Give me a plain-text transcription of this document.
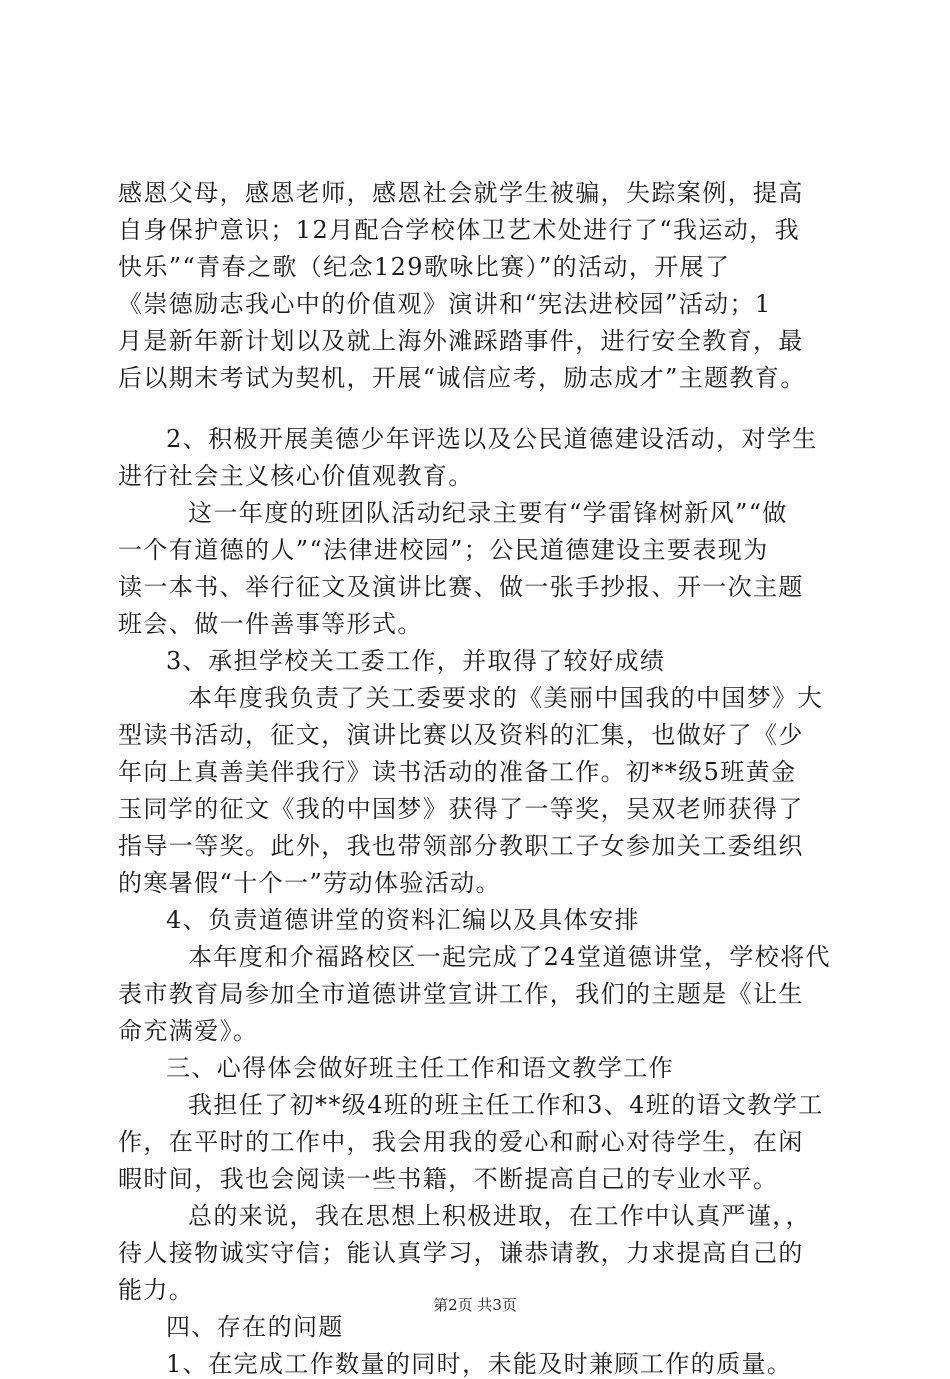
感恩父母，感恩老师，感恩社会就学生被骗，失踪案例，提高
自身保护意识；12月配合学校体卫艺术处进行了“我运动，我
快乐”“青春之歌（纪念129歌咏比赛）”的活动，开展了
《崇德励志我心中的价值观》演讲和“宪法进校园”活动；1
月是新年新计划以及就上海外滩踩踏事件，进行安全教育，最
后以期末考试为契机，开展“诚信应考，励志成才”主题教育。
2、积极开展美德少年评选以及公民道德建设活动，对学生
进行社会主义核心价值观教育。
这一年度的班团队活动纪录主要有“学雷锋树新风”“做
一个有道德的人”“法律进校园”；公民道德建设主要表现为
读一本书、举行征文及演讲比赛、做一张手抄报、开一次主题
班会、做一件善事等形式。
3、承担学校关工委工作，并取得了较好成绩
本年度我负责了关工委要求的《美丽中国我的中国梦》大
型读书活动，征文，演讲比赛以及资料的汇集，也做好了《少
年向上真善美伴我行》读书活动的准备工作。初**级5班黄金
玉同学的征文《我的中国梦》获得了一等奖，吴双老师获得了
指导一等奖。此外，我也带领部分教职工子女参加关工委组织
的寒暑假“十个一”劳动体验活动。
4、负责道德讲堂的资料汇编以及具体安排
本年度和介福路校区一起完成了24堂道德讲堂，学校将代
表市教育局参加全市道德讲堂宣讲工作，我们的主题是《让生
命充满爱》。
三、心得体会做好班主任工作和语文教学工作
我担任了初**级4班的班主任工作和3、4班的语文教学工
作，在平时的工作中，我会用我的爱心和耐心对待学生，在闲
暇时间，我也会阅读一些书籍，不断提高自己的专业水平。
总的来说，我在思想上积极进取，在工作中认真严谨，，
待人接物诚实守信；能认真学习，谦恭请教，力求提高自己的
能力。
四、存在的问题
1、在完成工作数量的同时，未能及时兼顾工作的质量。
第2页 共3页
